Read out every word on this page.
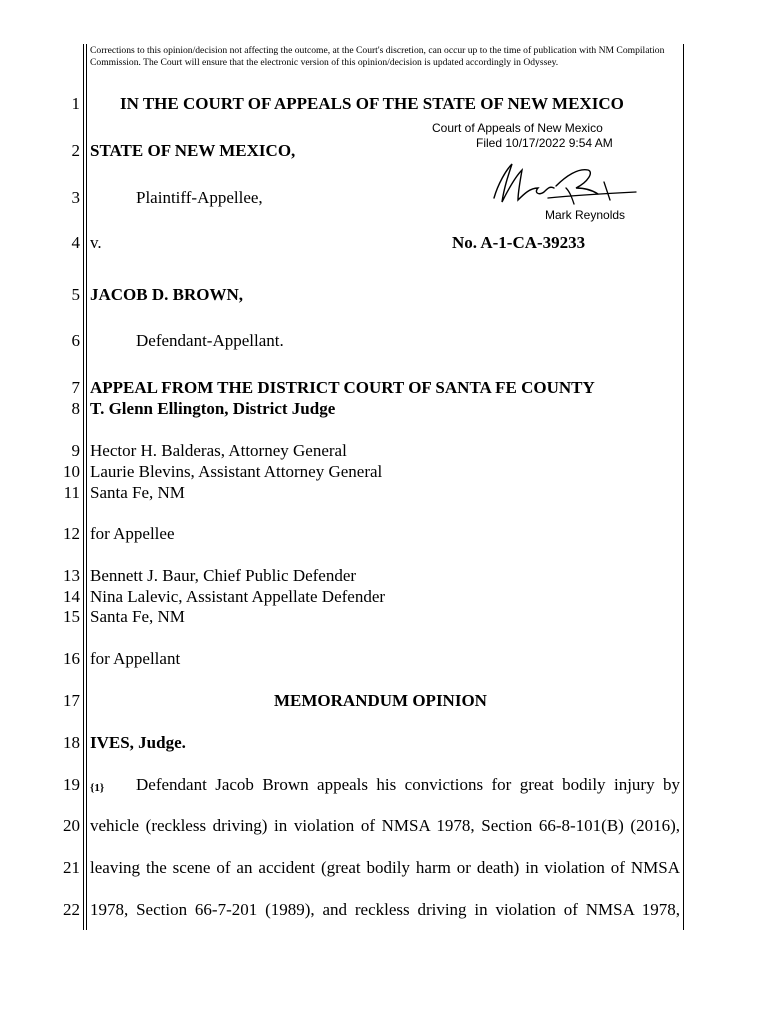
Corrections to this opinion/decision not affecting the outcome, at the Court's discretion, can occur up to the time of publication with NM Compilation Commission. The Court will ensure that the electronic version of this opinion/decision is updated accordingly in Odyssey.
1
2
3
4
5
6
7
8
9
10
11
12
13
14
15
16
17
18
19
20
21
22
IN THE COURT OF APPEALS OF THE STATE OF NEW MEXICO
Court of Appeals of New Mexico
Filed 10/17/2022 9:54 AM
Mark Reynolds
STATE OF NEW MEXICO,
Plaintiff-Appellee,
v.	No. A-1-CA-39233
JACOB D. BROWN,
Defendant-Appellant.
APPEAL FROM THE DISTRICT COURT OF SANTA FE COUNTY
T. Glenn Ellington, District Judge
Hector H. Balderas, Attorney General
Laurie Blevins, Assistant Attorney General
Santa Fe, NM
for Appellee
Bennett J. Baur, Chief Public Defender
Nina Lalevic, Assistant Appellate Defender
Santa Fe, NM
for Appellant
MEMORANDUM OPINION
IVES, Judge.
{1} Defendant Jacob Brown appeals his convictions for great bodily injury by
vehicle (reckless driving) in violation of NMSA 1978, Section 66-8-101(B) (2016),
leaving the scene of an accident (great bodily harm or death) in violation of NMSA
1978, Section 66-7-201 (1989), and reckless driving in violation of NMSA 1978,
